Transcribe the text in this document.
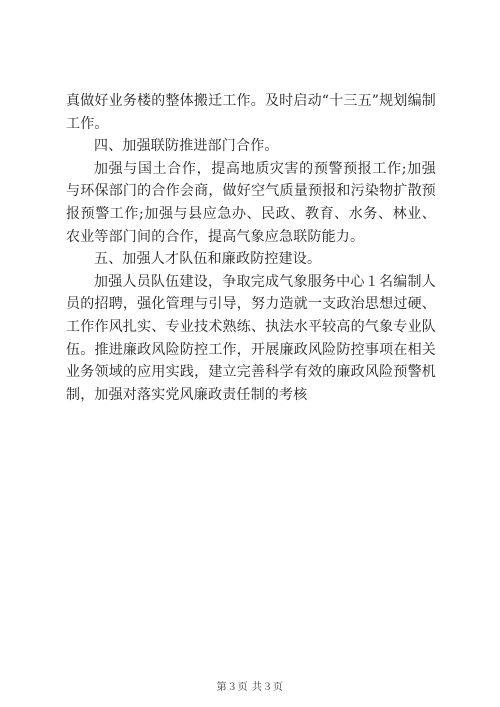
真做好业务楼的整体搬迁工作。及时启动“十三五”规划编制工作。

四、加强联防推进部门合作。

加强与国土合作，提高地质灾害的预警预报工作;加强与环保部门的合作会商，做好空气质量预报和污染物扩散预报预警工作;加强与县应急办、民政、教育、水务、林业、农业等部门间的合作，提高气象应急联防能力。

五、加强人才队伍和廉政防控建设。

加强人员队伍建设，争取完成气象服务中心１名编制人员的招聘，强化管理与引导，努力造就一支政治思想过硬、工作作风扎实、专业技术熟练、执法水平较高的气象专业队伍。推进廉政风险防控工作，开展廉政风险防控事项在相关业务领域的应用实践，建立完善科学有效的廉政风险预警机制，加强对落实党风廉政责任制的考核

第３页 共３页
